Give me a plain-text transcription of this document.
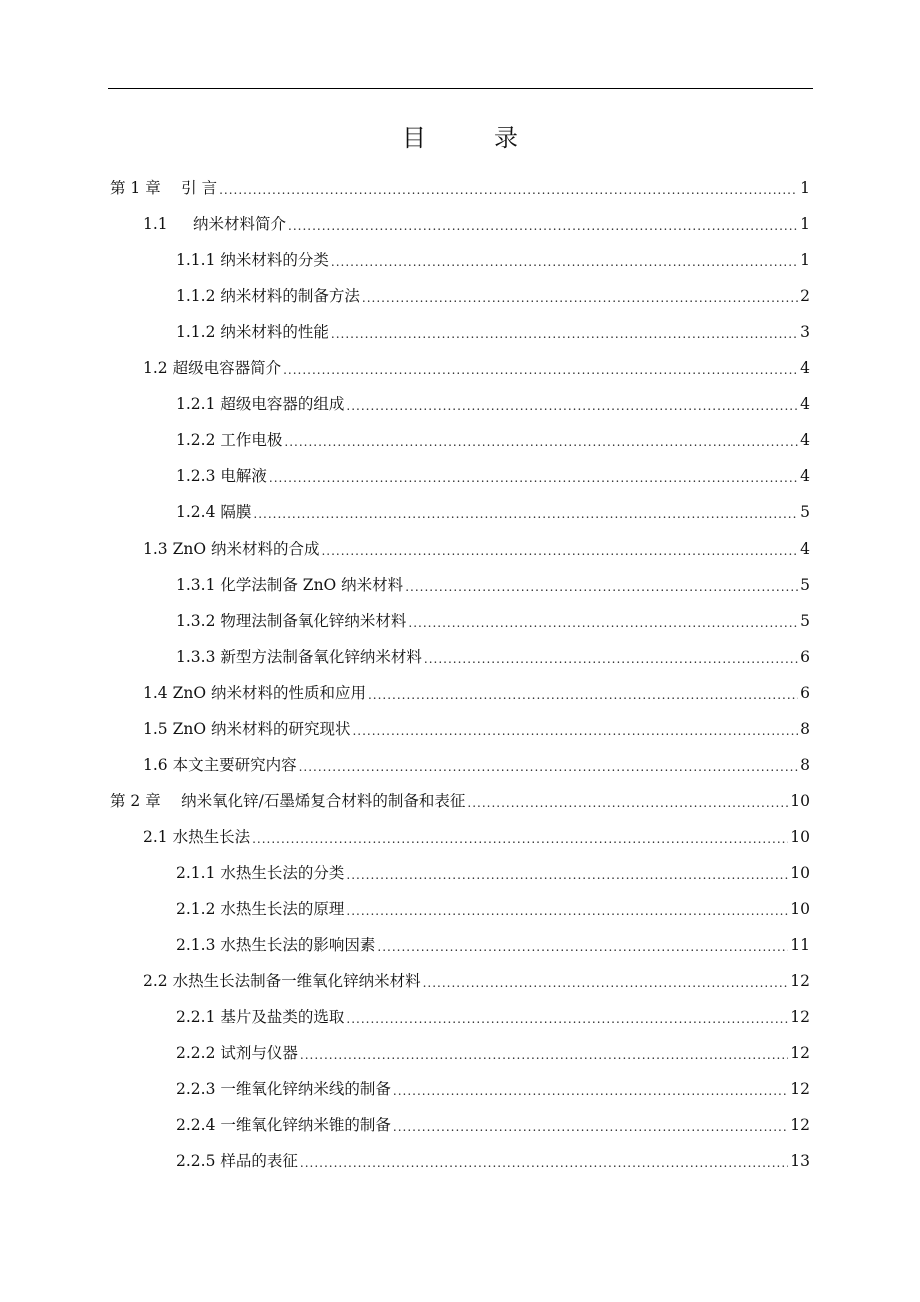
目　录
第 1 章　 引 言 .....	1
1.1 　 纳米材料简介 .....	1
1.1.1 纳米材料的分类 .....	1
1.1.2 纳米材料的制备方法 .....	2
1.1.2 纳米材料的性能 .....	3
1.2 超级电容器简介 .....	4
1.2.1 超级电容器的组成 .....	4
1.2.2 工作电极 .....	4
1.2.3 电解液 .....	4
1.2.4 隔膜 .....	5
1.3 ZnO 纳米材料的合成 .....	4
1.3.1 化学法制备 ZnO 纳米材料 .....	5
1.3.2 物理法制备氧化锌纳米材料 .....	5
1.3.3 新型方法制备氧化锌纳米材料 .....	6
1.4 ZnO 纳米材料的性质和应用 .....	6
1.5 ZnO 纳米材料的研究现状 .....	8
1.6 本文主要研究内容 .....	8
第 2 章　 纳米氧化锌/石墨烯复合材料的制备和表征 .....	10
2.1 水热生长法 .....	10
2.1.1 水热生长法的分类 .....	10
2.1.2 水热生长法的原理 .....	10
2.1.3 水热生长法的影响因素 .....	11
2.2 水热生长法制备一维氧化锌纳米材料 .....	12
2.2.1 基片及盐类的选取 .....	12
2.2.2 试剂与仪器 .....	12
2.2.3 一维氧化锌纳米线的制备 .....	12
2.2.4 一维氧化锌纳米锥的制备 .....	12
2.2.5 样品的表征 .....	13
